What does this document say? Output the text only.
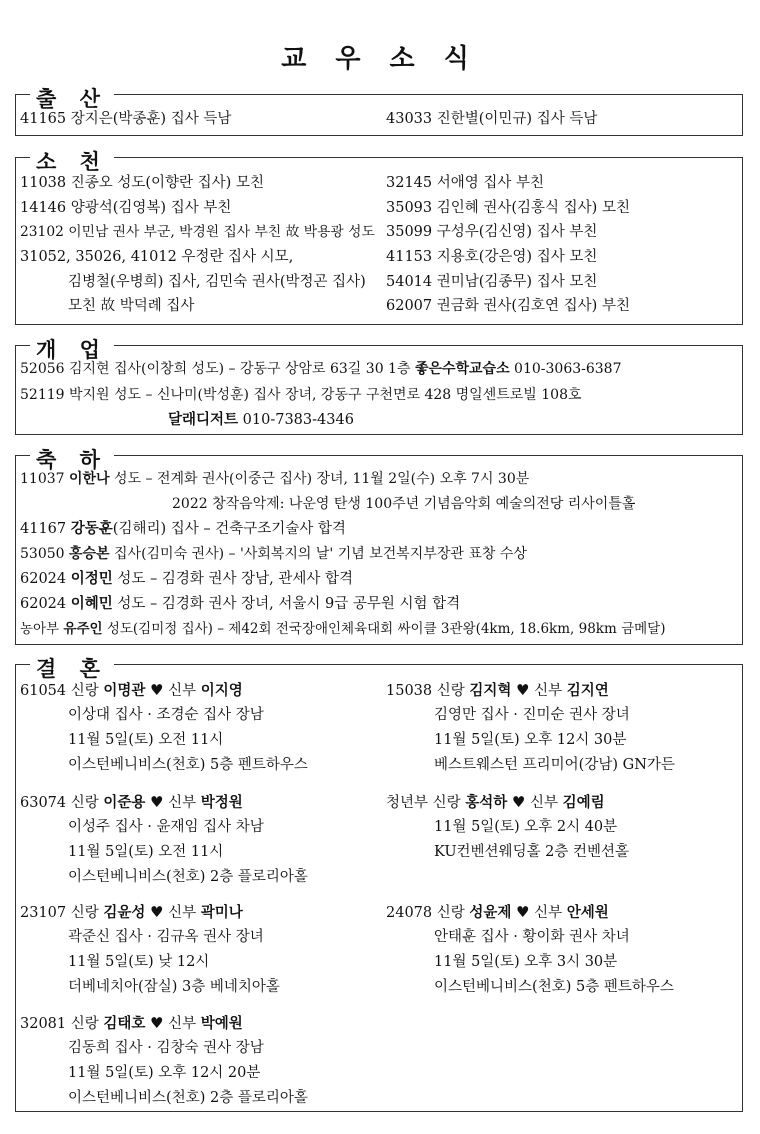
교 우 소 식
출 산
41165 장지은(박종훈) 집사 득남	43033 진한별(이민규) 집사 득남
소 천
11038 진종오 성도(이향란 집사) 모친
14146 양광석(김영복) 집사 부친
23102 이민남 권사 부군, 박경원 집사 부친 故 박용광 성도
31052, 35026, 41012 우정란 집사 시모,
김병철(우병희) 집사, 김민숙 권사(박정곤 집사)
모친 故 박덕례 집사
32145 서애영 집사 부친
35093 김인혜 권사(김홍식 집사) 모친
35099 구성우(김신영) 집사 부친
41153 지용호(강은영) 집사 모친
54014 권미남(김종무) 집사 모친
62007 권금화 권사(김호연 집사) 부친
개 업
52056 김지현 집사(이창희 성도) – 강동구 상암로 63길 30 1층 좋은수학교습소 010-3063-6387
52119 박지원 성도 – 신나미(박성훈) 집사 장녀, 강동구 구천면로 428 명일센트로빌 108호
달래디저트 010-7383-4346
축 하
11037 이한나 성도 – 전계화 권사(이중근 집사) 장녀, 11월 2일(수) 오후 7시 30분
2022 창작음악제: 나운영 탄생 100주년 기념음악회 예술의전당 리사이틀홀
41167 강동훈(김해리) 집사 – 건축구조기술사 합격
53050 홍승본 집사(김미숙 권사) – '사회복지의 날' 기념 보건복지부장관 표창 수상
62024 이정민 성도 – 김경화 권사 장남, 관세사 합격
62024 이혜민 성도 – 김경화 권사 장녀, 서울시 9급 공무원 시험 합격
농아부 유주인 성도(김미정 집사) – 제42회 전국장애인체육대회 싸이클 3관왕(4km, 18.6km, 98km 금메달)
결 혼
61054 신랑 이명관 ♥ 신부 이지영
이상대 집사 · 조경순 집사 장남
11월 5일(토) 오전 11시
이스턴베니비스(천호) 5층 펜트하우스
15038 신랑 김지혁 ♥ 신부 김지연
김영만 집사 · 진미순 권사 장녀
11월 5일(토) 오후 12시 30분
베스트웨스턴 프리미어(강남) GN가든
63074 신랑 이준용 ♥ 신부 박정원
이성주 집사 · 윤재임 집사 차남
11월 5일(토) 오전 11시
이스턴베니비스(천호) 2층 플로리아홀
청년부 신랑 홍석하 ♥ 신부 김예림
11월 5일(토) 오후 2시 40분
KU컨벤션웨딩홀 2층 컨벤션홀
23107 신랑 김윤성 ♥ 신부 곽미나
곽준신 집사 · 김규옥 권사 장녀
11월 5일(토) 낮 12시
더베네치아(잠실) 3층 베네치아홀
24078 신랑 성윤제 ♥ 신부 안세원
안태훈 집사 · 황이화 권사 차녀
11월 5일(토) 오후 3시 30분
이스턴베니비스(천호) 5층 펜트하우스
32081 신랑 김태호 ♥ 신부 박예원
김동희 집사 · 김창숙 권사 장남
11월 5일(토) 오후 12시 20분
이스턴베니비스(천호) 2층 플로리아홀
